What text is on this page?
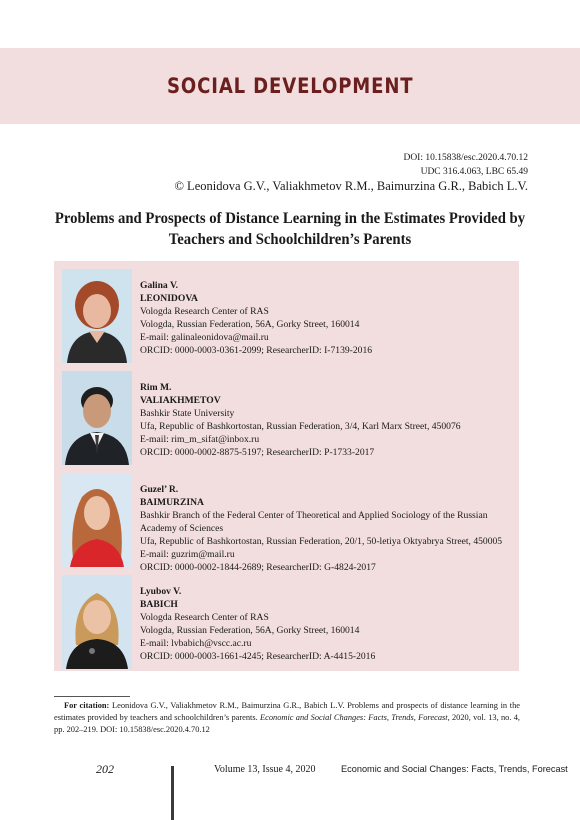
SOCIAL DEVELOPMENT
DOI: 10.15838/esc.2020.4.70.12
UDC 316.4.063, LBC 65.49
© Leonidova G.V., Valiakhmetov R.M., Baimurzina G.R., Babich L.V.
Problems and Prospects of Distance Learning in the Estimates Provided by Teachers and Schoolchildren’s Parents
Galina V.
LEONIDOVA
Vologda Research Center of RAS
Vologda, Russian Federation, 56A, Gorky Street, 160014
E-mail: galinaleonidova@mail.ru
ORCID: 0000-0003-0361-2099; ResearcherID: I-7139-2016
Rim M.
VALIAKHMETOV
Bashkir State University
Ufa, Republic of Bashkortostan, Russian Federation, 3/4, Karl Marx Street, 450076
E-mail: rim_m_sifat@inbox.ru
ORCID: 0000-0002-8875-5197; ResearcherID: P-1733-2017
Guzel’ R.
BAIMURZINA
Bashkir Branch of the Federal Center of Theoretical and Applied Sociology of the Russian Academy of Sciences
Ufa, Republic of Bashkortostan, Russian Federation, 20/1, 50-letiya Oktyabrya Street, 450005
E-mail: guzrim@mail.ru
ORCID: 0000-0002-1844-2689; ResearcherID: G-4824-2017
Lyubov V.
BABICH
Vologda Research Center of RAS
Vologda, Russian Federation, 56A, Gorky Street, 160014
E-mail: lvbabich@vscc.ac.ru
ORCID: 0000-0003-1661-4245; ResearcherID: A-4415-2016
For citation: Leonidova G.V., Valiakhmetov R.M., Baimurzina G.R., Babich L.V. Problems and prospects of distance learning in the estimates provided by teachers and schoolchildren’s parents. Economic and Social Changes: Facts, Trends, Forecast, 2020, vol. 13, no. 4, pp. 202–219. DOI: 10.15838/esc.2020.4.70.12
202	Volume 13, Issue 4, 2020	Economic and Social Changes: Facts, Trends, Forecast
